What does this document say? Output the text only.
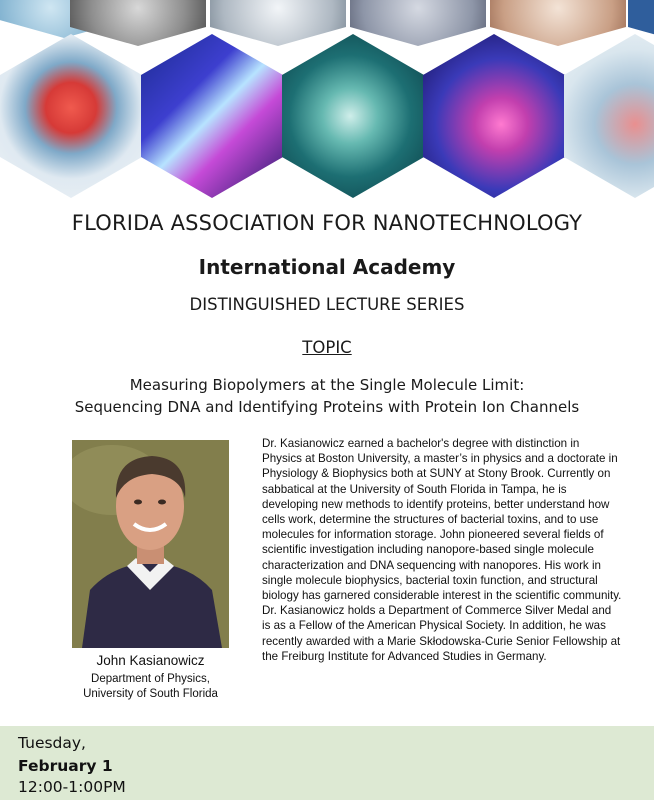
FLORIDA ASSOCIATION FOR NANOTECHNOLOGY
International Academy
DISTINGUISHED LECTURE SERIES
TOPIC
Measuring Biopolymers at the Single Molecule Limit:
Sequencing DNA and Identifying Proteins with Protein Ion Channels
John Kasianowicz
Department of Physics,
University of South Florida
Dr. Kasianowicz earned a bachelor's degree with distinction in Physics at Boston University, a master’s in physics and a doctorate in Physiology & Biophysics both at SUNY at Stony Brook. Currently on sabbatical at the University of South Florida in Tampa, he is developing new methods to identify proteins, better understand how cells work, determine the structures of bacterial toxins, and to use molecules for information storage. John pioneered several fields of scientific investigation including nanopore-based single molecule characterization and DNA sequencing with nanopores. His work in single molecule biophysics, bacterial toxin function, and structural biology has garnered considerable interest in the scientific community. Dr. Kasianowicz holds a Department of Commerce Silver Medal and is as a Fellow of the American Physical Society. In addition, he was recently awarded with a Marie Skłodowska-Curie Senior Fellowship at the Freiburg Institute for Advanced Studies in Germany.
Tuesday,
February 1
12:00-1:00PM
